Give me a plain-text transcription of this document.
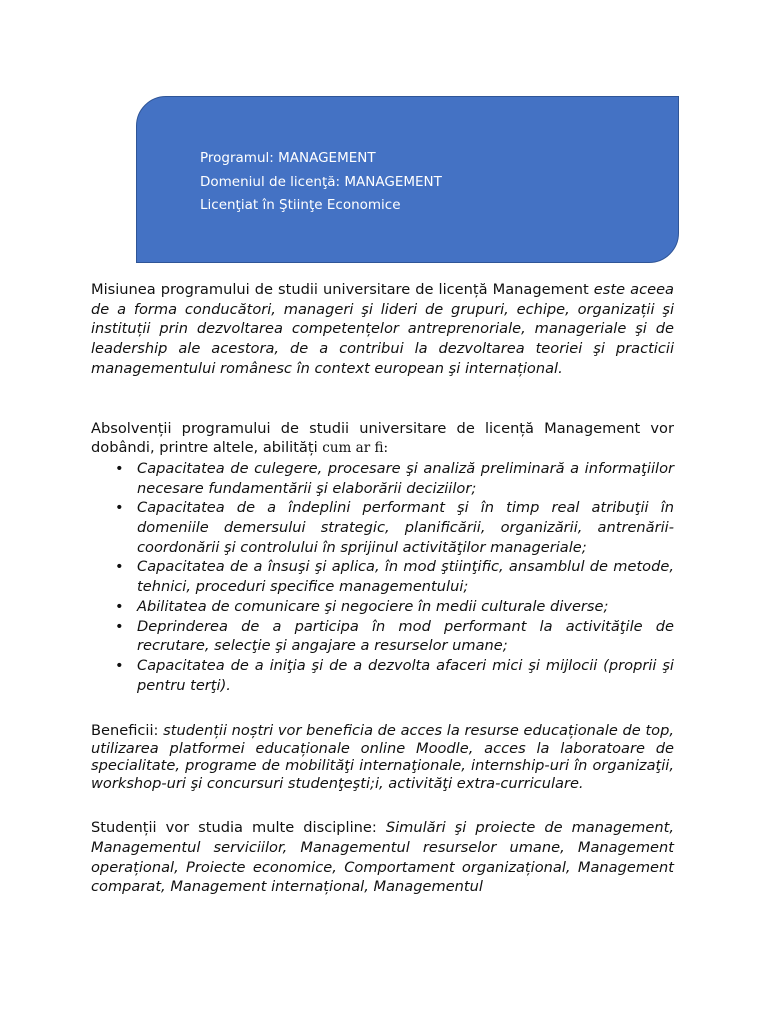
Programul: MANAGEMENT
Domeniul de licenţă: MANAGEMENT
Licenţiat în Ştiinţe Economice

Misiunea programului de studii universitare de licență Management este aceea de a forma conducători, manageri şi lideri de grupuri, echipe, organizații şi instituții prin dezvoltarea competențelor antreprenoriale, manageriale şi de leadership ale acestora, de a contribui la dezvoltarea teoriei şi practicii managementului românesc în context european şi internațional.

Absolvenții programului de studii universitare de licență Management vor dobândi, printre altele, abilități cum ar fi:

• Capacitatea de culegere, procesare şi analiză preliminară a informaţiilor necesare fundamentării şi elaborării deciziilor;
• Capacitatea de a îndeplini performant şi în timp real atribuţii în domeniile demersului strategic, planificării, organizării, antrenării-coordonării şi controlului în sprijinul activităţilor manageriale;
• Capacitatea de a însuşi şi aplica, în mod ştiinţific, ansamblul de metode, tehnici, proceduri specifice managementului;
• Abilitatea de comunicare şi negociere în medii culturale diverse;
• Deprinderea de a participa în mod performant la activităţile de recrutare, selecţie şi angajare a resurselor umane;
• Capacitatea de a iniţia şi de a dezvolta afaceri mici şi mijlocii (proprii şi pentru terţi).

Beneficii: studenții noștri vor beneficia de acces la resurse educaționale de top, utilizarea platformei educaționale online Moodle, acces la laboratoare de specialitate, programe de mobilităţi internaţionale, internship-uri în organizaţii, workshop-uri şi concursuri studenţeşti;i, activităţi extra-curriculare.

Studenții vor studia multe discipline: Simulări şi proiecte de management, Managementul serviciilor, Managementul resurselor umane, Management operațional, Proiecte economice, Comportament organizațional, Management comparat, Management internațional, Managementul
